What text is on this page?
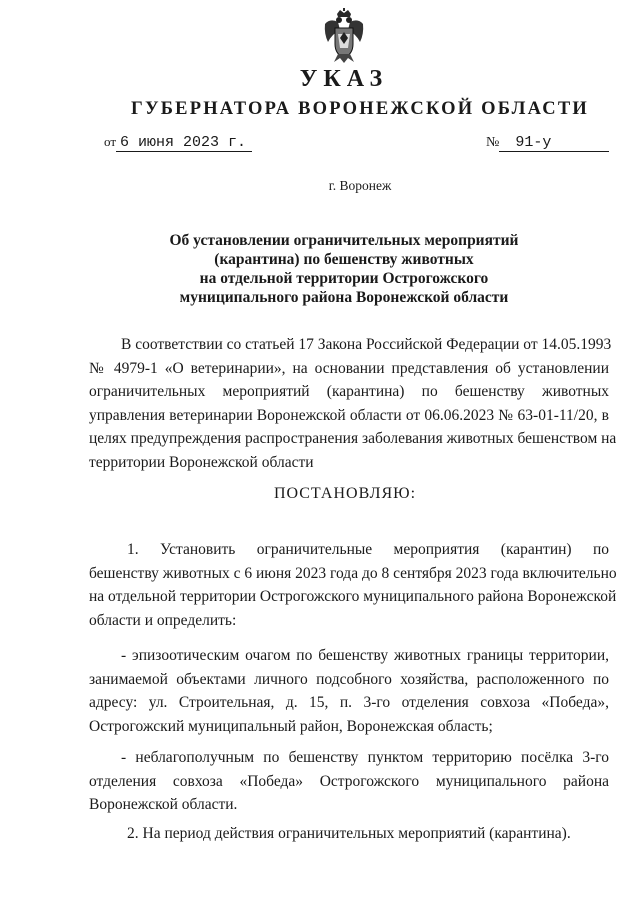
УКАЗ
ГУБЕРНАТОРА ВОРОНЕЖСКОЙ ОБЛАСТИ
от 6 июня 2023 г.	№ 91-у
г. Воронеж
Об установлении ограничительных мероприятий
(карантина) по бешенству животных
на отдельной территории Острогожского
муниципального района Воронежской области
В соответствии со статьей 17 Закона Российской Федерации от 14.05.1993
№ 4979-1 «О ветеринарии», на основании представления об установлении
ограничительных мероприятий (карантина) по бешенству животных
управления ветеринарии Воронежской области от 06.06.2023 № 63-01-11/20, в
целях предупреждения распространения заболевания животных бешенством на
территории Воронежской области
ПОСТАНОВЛЯЮ:
1. Установить ограничительные мероприятия (карантин) по
бешенству животных с 6 июня 2023 года до 8 сентября 2023 года включительно
на отдельной территории Острогожского муниципального района Воронежской
области и определить:
- эпизоотическим очагом по бешенству животных границы территории,
занимаемой объектами личного подсобного хозяйства, расположенного по
адресу: ул. Строительная, д. 15, п. 3-го отделения совхоза «Победа»,
Острогожский муниципальный район, Воронежская область;
- неблагополучным по бешенству пунктом территорию посёлка 3-го
отделения совхоза «Победа» Острогожского муниципального района
Воронежской области.
2. На период действия ограничительных мероприятий (карантина).
